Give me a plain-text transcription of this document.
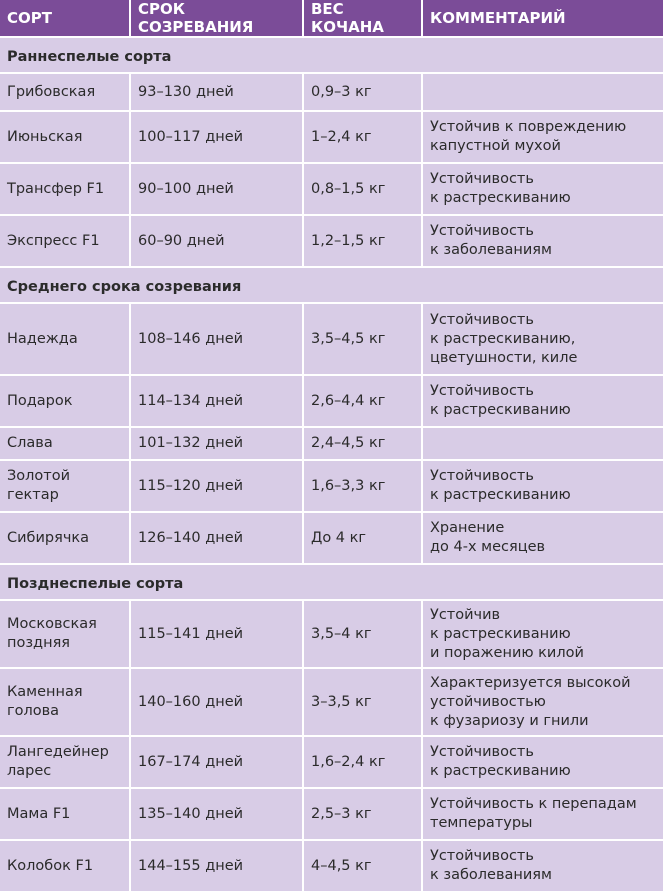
СОРТ	СРОК СОЗРЕВАНИЯ	ВЕС КОЧАНА	КОММЕНТАРИЙ
Раннеспелые сорта			
Грибовская	93–130 дней	0,9–3 кг	
Июньская	100–117 дней	1–2,4 кг	Устойчив к повреждению
капустной мухой
Трансфер F1	90–100 дней	0,8–1,5 кг	Устойчивость
к растрескиванию
Экспресс F1	60–90 дней	1,2–1,5 кг	Устойчивость
к заболеваниям
Среднего срока созревания			
Надежда	108–146 дней	3,5–4,5 кг	Устойчивость
к растрескиванию,
цветушности, киле
Подарок	114–134 дней	2,6–4,4 кг	Устойчивость
к растрескиванию
Слава	101–132 дней	2,4–4,5 кг	
Золотой
гектар	115–120 дней	1,6–3,3 кг	Устойчивость
к растрескиванию
Сибирячка	126–140 дней	До 4 кг	Хранение
до 4-х месяцев
Позднеспелые сорта			
Московская
поздняя	115–141 дней	3,5–4 кг	Устойчив
к растрескиванию
и поражению килой
Каменная
голова	140–160 дней	3–3,5 кг	Характеризуется высокой
устойчивостью
к фузариозу и гнили
Лангедейнер
ларес	167–174 дней	1,6–2,4 кг	Устойчивость
к растрескиванию
Мама F1	135–140 дней	2,5–3 кг	Устойчивость к перепадам
температуры
Колобок F1	144–155 дней	4–4,5 кг	Устойчивость
к заболеваниям
